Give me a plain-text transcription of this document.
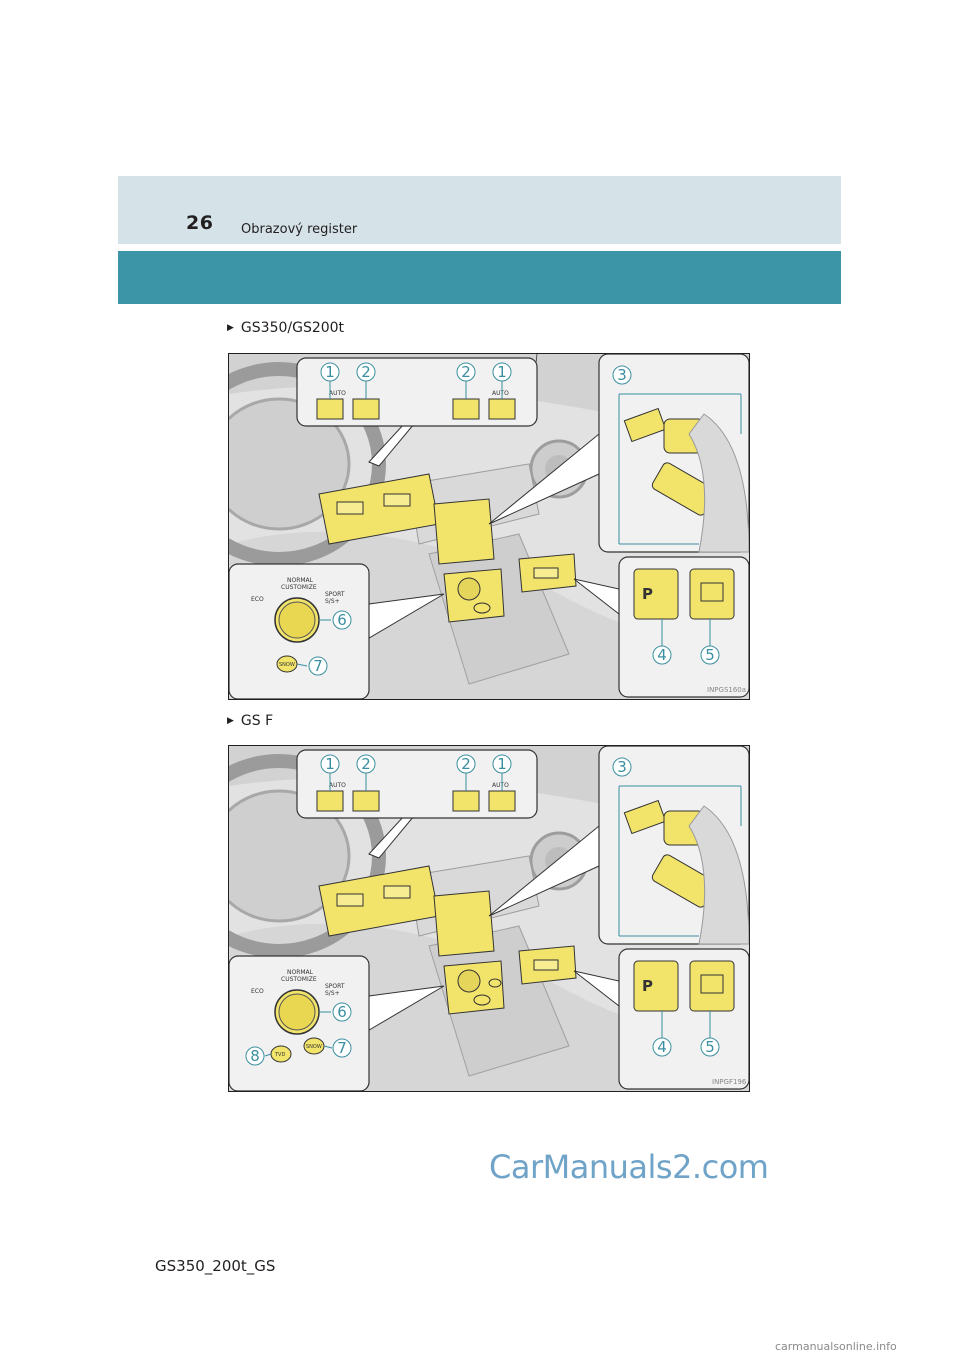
26 Obrazový register
▶ GS350/GS200t
AUTO	AUTO
1 2	2 1	3
P
4	5
NORMAL
CUSTOMIZE
ECO
SPORT
S/S+
SNOW
6
7
INPGS160a
▶ GS F
AUTO	AUTO
1 2	2 1	3
P
4	5
NORMAL
CUSTOMIZE
ECO
SPORT
S/S+
SNOW
TVD
6
7
8
INPGF196
CarManuals2.com
GS350_200t_GS
carmanualsonline.info
